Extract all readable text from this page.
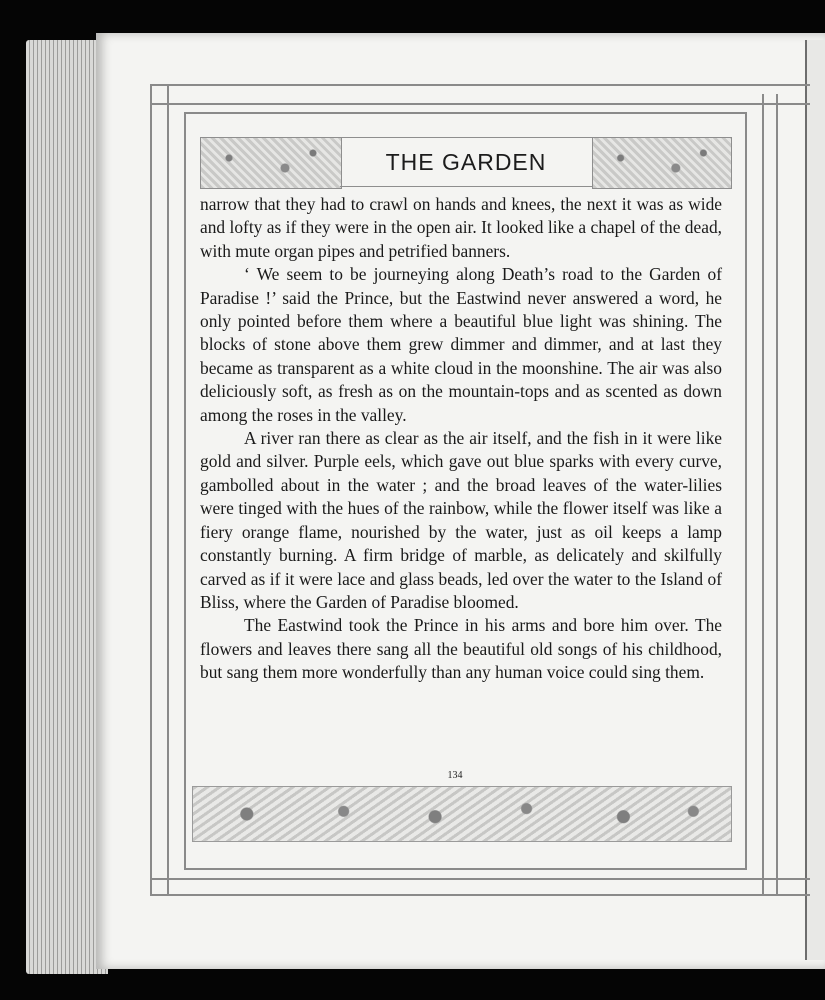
THE GARDEN

narrow that they had to crawl on hands and knees, the next it was as wide and lofty as if they were in the open air. It looked like a chapel of the dead, with mute organ pipes and petrified banners.

‘ We seem to be journeying along Death’s road to the Garden of Paradise !’ said the Prince, but the Eastwind never answered a word, he only pointed before them where a beautiful blue light was shining. The blocks of stone above them grew dimmer and dimmer, and at last they became as transparent as a white cloud in the moonshine. The air was also deliciously soft, as fresh as on the mountain-tops and as scented as down among the roses in the valley.

A river ran there as clear as the air itself, and the fish in it were like gold and silver. Purple eels, which gave out blue sparks with every curve, gambolled about in the water ; and the broad leaves of the water-lilies were tinged with the hues of the rainbow, while the flower itself was like a fiery orange flame, nourished by the water, just as oil keeps a lamp constantly burning. A firm bridge of marble, as delicately and skilfully carved as if it were lace and glass beads, led over the water to the Island of Bliss, where the Garden of Paradise bloomed.

The Eastwind took the Prince in his arms and bore him over. The flowers and leaves there sang all the beautiful old songs of his childhood, but sang them more wonderfully than any human voice could sing them.

134
